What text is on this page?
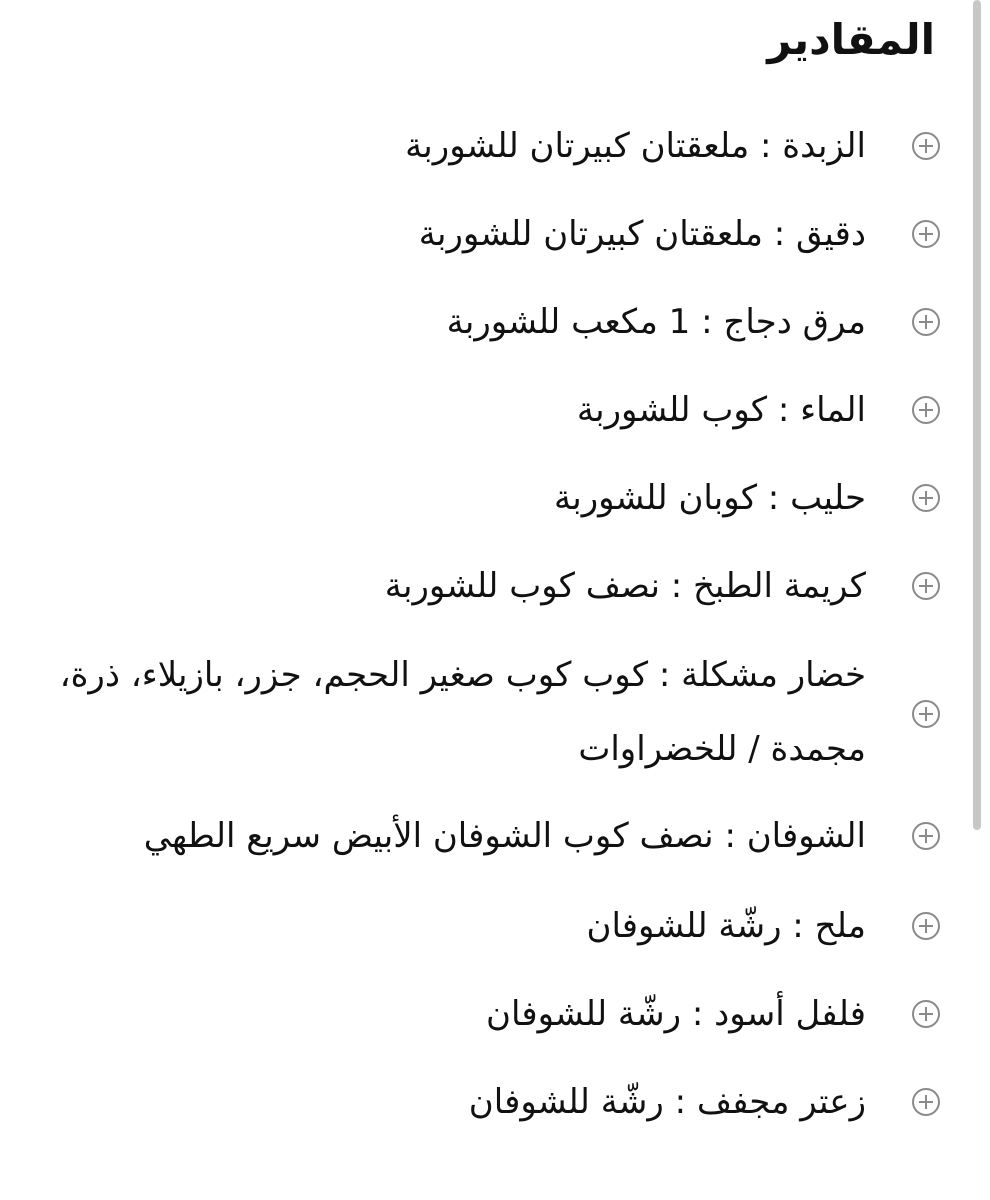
المقادير
الزبدة : ملعقتان كبيرتان للشوربة
دقيق : ملعقتان كبيرتان للشوربة
مرق دجاج : 1 مكعب للشوربة
الماء : كوب للشوربة
حليب : كوبان للشوربة
كريمة الطبخ : نصف كوب للشوربة
خضار مشكلة : كوب كوب صغير الحجم، جزر، بازيلاء، ذرة، مجمدة / للخضراوات
الشوفان : نصف كوب الشوفان الأبيض سريع الطهي
ملح : رشّة للشوفان
فلفل أسود : رشّة للشوفان
زعتر مجفف : رشّة للشوفان
